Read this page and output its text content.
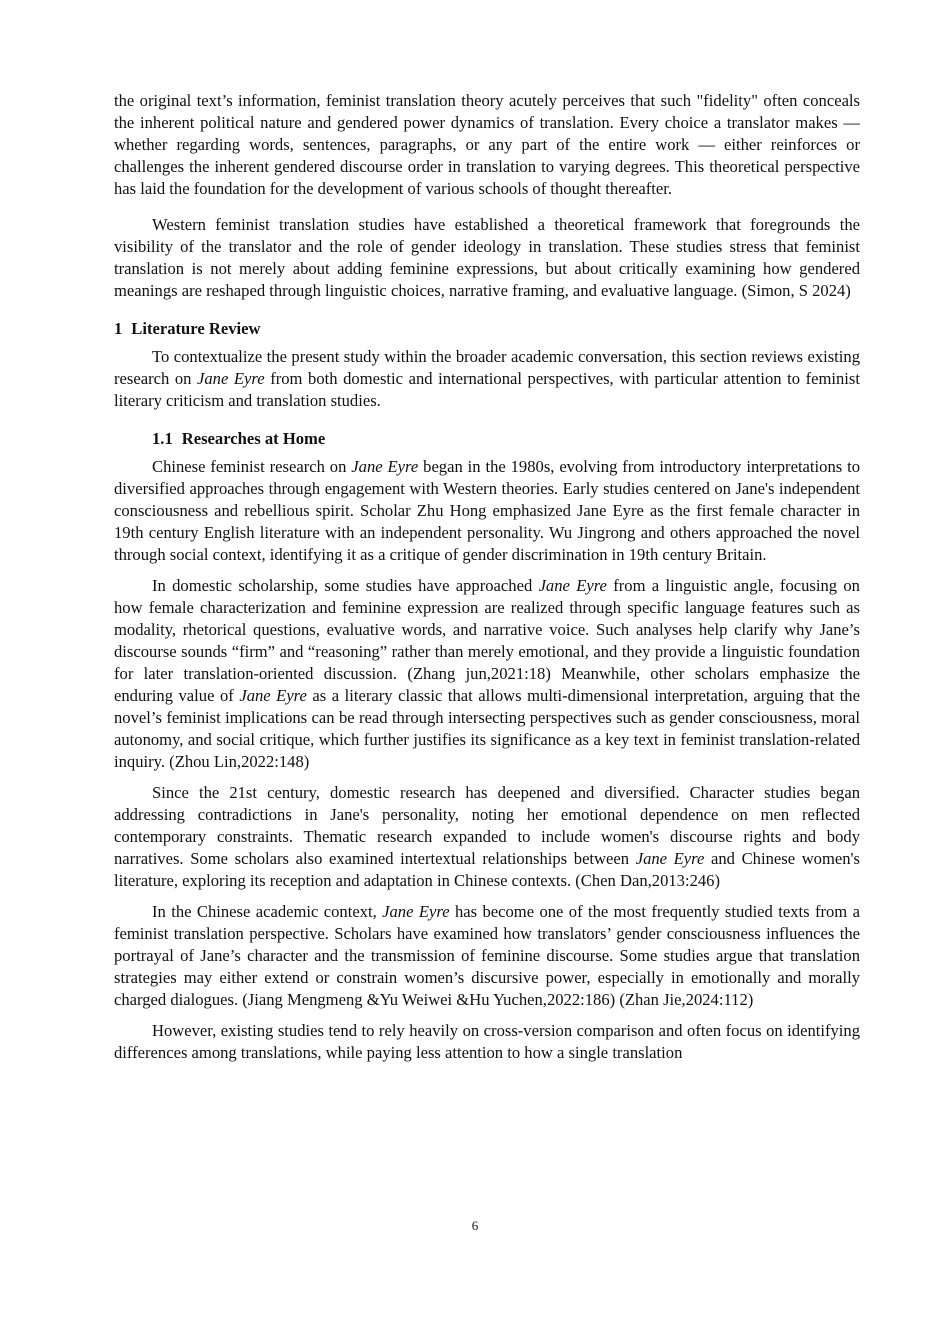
the original text’s information, feminist translation theory acutely perceives that such "fidelity" often conceals the inherent political nature and gendered power dynamics of translation. Every choice a translator makes — whether regarding words, sentences, paragraphs, or any part of the entire work — either reinforces or challenges the inherent gendered discourse order in translation to varying degrees. This theoretical perspective has laid the foundation for the development of various schools of thought thereafter.

Western feminist translation studies have established a theoretical framework that foregrounds the visibility of the translator and the role of gender ideology in translation. These studies stress that feminist translation is not merely about adding feminine expressions, but about critically examining how gendered meanings are reshaped through linguistic choices, narrative framing, and evaluative language. (Simon, S 2024)

1 Literature Review

To contextualize the present study within the broader academic conversation, this section reviews existing research on Jane Eyre from both domestic and international perspectives, with particular attention to feminist literary criticism and translation studies.

1.1 Researches at Home

Chinese feminist research on Jane Eyre began in the 1980s, evolving from introductory interpretations to diversified approaches through engagement with Western theories. Early studies centered on Jane's independent consciousness and rebellious spirit. Scholar Zhu Hong emphasized Jane Eyre as the first female character in 19th century English literature with an independent personality. Wu Jingrong and others approached the novel through social context, identifying it as a critique of gender discrimination in 19th century Britain.

In domestic scholarship, some studies have approached Jane Eyre from a linguistic angle, focusing on how female characterization and feminine expression are realized through specific language features such as modality, rhetorical questions, evaluative words, and narrative voice. Such analyses help clarify why Jane’s discourse sounds “firm” and “reasoning” rather than merely emotional, and they provide a linguistic foundation for later translation-oriented discussion. (Zhang jun,2021:18) Meanwhile, other scholars emphasize the enduring value of Jane Eyre as a literary classic that allows multi-dimensional interpretation, arguing that the novel’s feminist implications can be read through intersecting perspectives such as gender consciousness, moral autonomy, and social critique, which further justifies its significance as a key text in feminist translation-related inquiry. (Zhou Lin,2022:148)

Since the 21st century, domestic research has deepened and diversified. Character studies began addressing contradictions in Jane's personality, noting her emotional dependence on men reflected contemporary constraints. Thematic research expanded to include women's discourse rights and body narratives. Some scholars also examined intertextual relationships between Jane Eyre and Chinese women's literature, exploring its reception and adaptation in Chinese contexts. (Chen Dan,2013:246)

In the Chinese academic context, Jane Eyre has become one of the most frequently studied texts from a feminist translation perspective. Scholars have examined how translators’ gender consciousness influences the portrayal of Jane’s character and the transmission of feminine discourse. Some studies argue that translation strategies may either extend or constrain women’s discursive power, especially in emotionally and morally charged dialogues. (Jiang Mengmeng &Yu Weiwei &Hu Yuchen,2022:186) (Zhan Jie,2024:112)

However, existing studies tend to rely heavily on cross-version comparison and often focus on identifying differences among translations, while paying less attention to how a single translation

6
